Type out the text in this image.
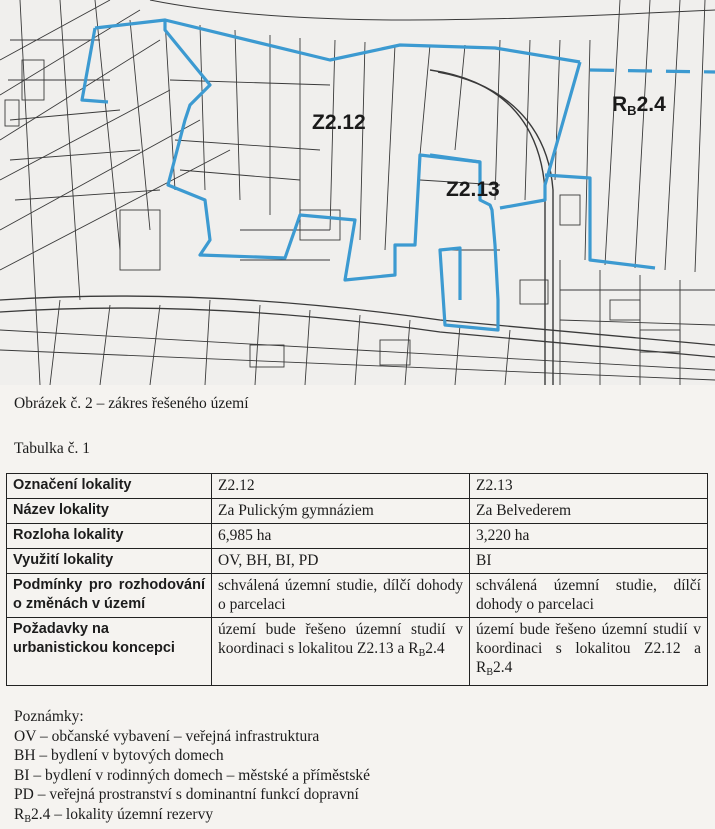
Z2.12
Z2.13
$R_B2.4$
Obrázek č. 2 – zákres řešeného území
Tabulka č. 1
Označení lokality	Z2.12	Z2.13
Název lokality	Za Pulickým gymnáziem	Za Belvederem
Rozloha lokality	6,985 ha	3,220 ha
Využití lokality	OV, BH, BI, PD	BI
Podmínky pro rozhodování o změnách v území	schválená územní studie, dílčí dohody o parcelaci	schválená územní studie, dílčí dohody o parcelaci
Požadavky na urbanistickou koncepci	území bude řešeno územní studií v koordinaci s lokalitou Z2.13 a $R_B2.4$	území bude řešeno územní studií v koordinaci s lokalitou Z2.12 a $R_B2.4$
Poznámky:
OV – občanské vybavení – veřejná infrastruktura
BH – bydlení v bytových domech
BI – bydlení v rodinných domech – městské a příměstské
PD – veřejná prostranství s dominantní funkcí dopravní
$R_B2.4$ – lokality územní rezervy
